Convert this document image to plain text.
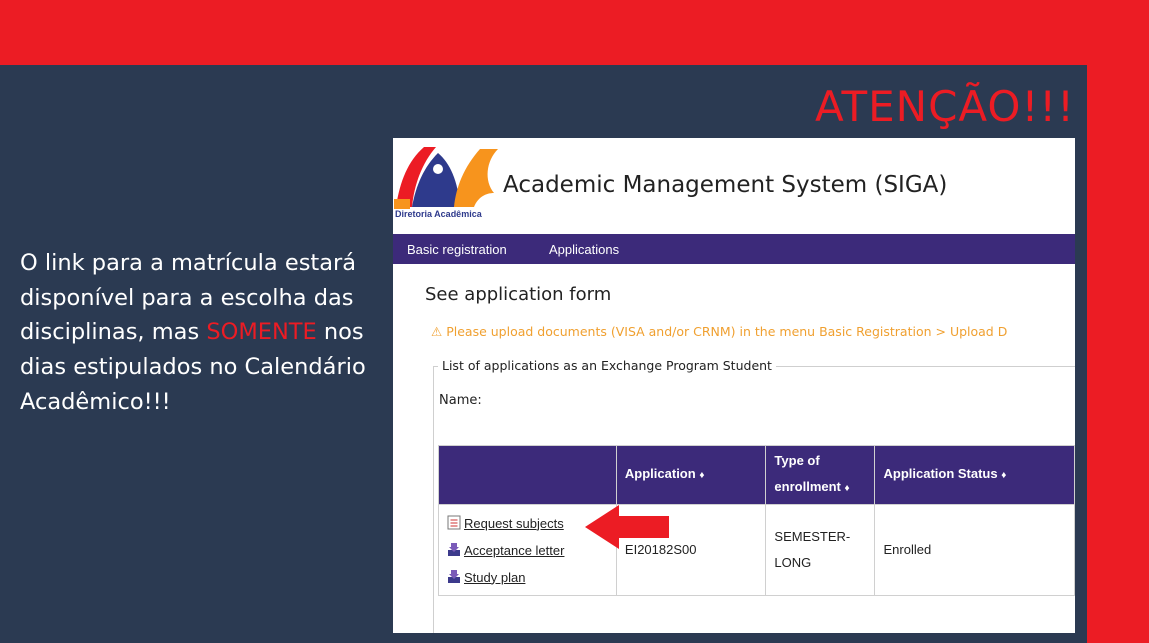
ATENÇÃO!!!
O link para a matrícula estará disponível para a escolha das disciplinas, mas SOMENTE nos dias estipulados no Calendário Acadêmico!!!
Diretoria Acadêmica
Academic Management System (SIGA)
Basic registration	Applications
See application form
⚠ Please upload documents (VISA and/or CRNM) in the menu Basic Registration > Upload D
List of applications as an Exchange Program Student
Name:
	Application ♦	Type of enrollment ♦	Application Status ♦

Request subjects
Acceptance letter
Study plan	EI20182S00	SEMESTER-LONG	Enrolled
